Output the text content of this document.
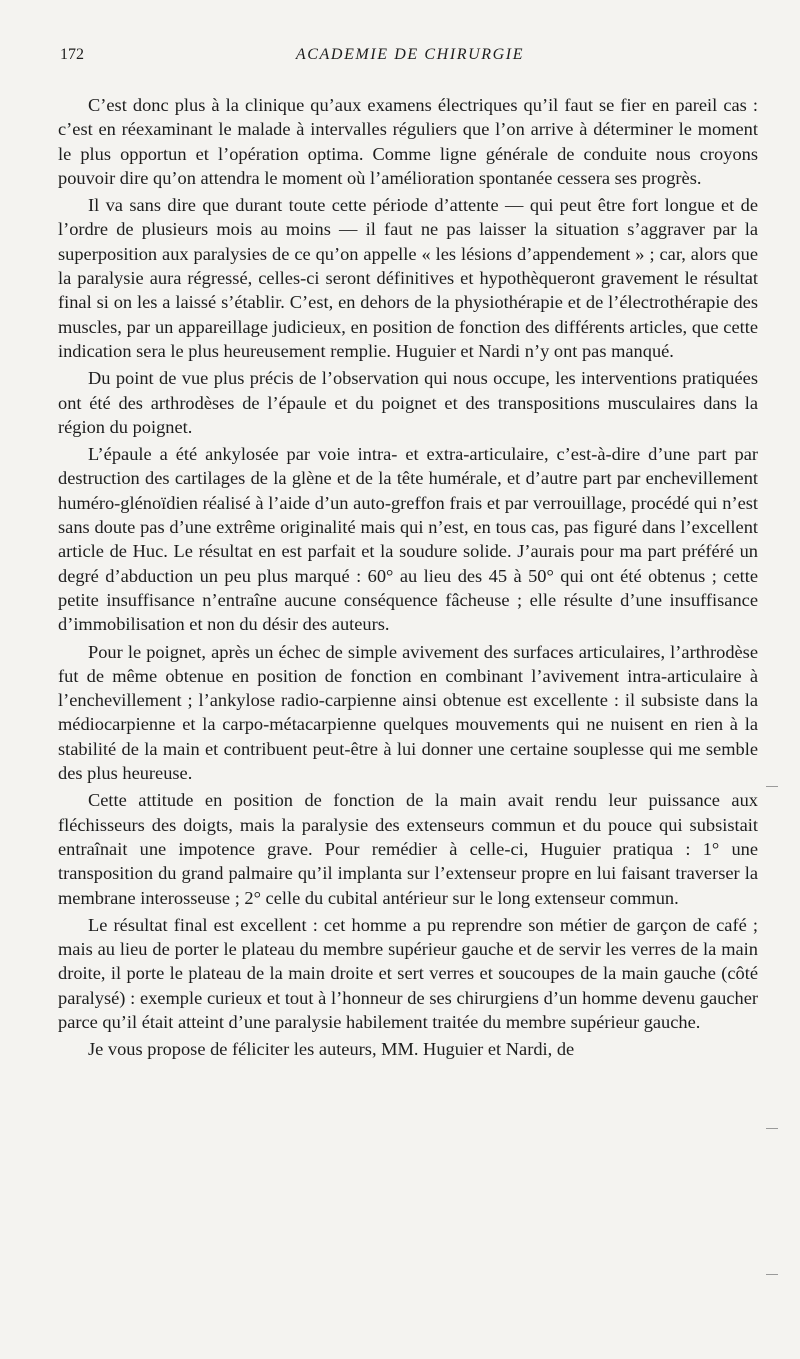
172	ACADEMIE DE CHIRURGIE

C’est donc plus à la clinique qu’aux examens électriques qu’il faut se fier en pareil cas : c’est en réexaminant le malade à intervalles réguliers que l’on arrive à déterminer le moment le plus opportun et l’opération optima. Comme ligne générale de conduite nous croyons pouvoir dire qu’on attendra le moment où l’amélioration spontanée cessera ses progrès.

Il va sans dire que durant toute cette période d’attente — qui peut être fort longue et de l’ordre de plusieurs mois au moins — il faut ne pas laisser la situation s’aggraver par la superposition aux paralysies de ce qu’on appelle « les lésions d’appendement » ; car, alors que la paralysie aura régressé, celles-ci seront définitives et hypothèqueront gravement le résultat final si on les a laissé s’établir. C’est, en dehors de la physiothérapie et de l’électrothérapie des muscles, par un appareillage judicieux, en position de fonction des différents articles, que cette indication sera le plus heureusement remplie. Huguier et Nardi n’y ont pas manqué.

Du point de vue plus précis de l’observation qui nous occupe, les interventions pratiquées ont été des arthrodèses de l’épaule et du poignet et des transpositions musculaires dans la région du poignet.

L’épaule a été ankylosée par voie intra- et extra-articulaire, c’est-à-dire d’une part par destruction des cartilages de la glène et de la tête humérale, et d’autre part par enchevillement huméro-glénoïdien réalisé à l’aide d’un auto-greffon frais et par verrouillage, procédé qui n’est sans doute pas d’une extrême originalité mais qui n’est, en tous cas, pas figuré dans l’excellent article de Huc. Le résultat en est parfait et la soudure solide. J’aurais pour ma part préféré un degré d’abduction un peu plus marqué : 60° au lieu des 45 à 50° qui ont été obtenus ; cette petite insuffisance n’entraîne aucune conséquence fâcheuse ; elle résulte d’une insuffisance d’immobilisation et non du désir des auteurs.

Pour le poignet, après un échec de simple avivement des surfaces articulaires, l’arthrodèse fut de même obtenue en position de fonction en combinant l’avivement intra-articulaire à l’enchevillement ; l’ankylose radio-carpienne ainsi obtenue est excellente : il subsiste dans la médiocarpienne et la carpo-métacarpienne quelques mouvements qui ne nuisent en rien à la stabilité de la main et contribuent peut-être à lui donner une certaine souplesse qui me semble des plus heureuse.

Cette attitude en position de fonction de la main avait rendu leur puissance aux fléchisseurs des doigts, mais la paralysie des extenseurs commun et du pouce qui subsistait entraînait une impotence grave. Pour remédier à celle-ci, Huguier pratiqua : 1° une transposition du grand palmaire qu’il implanta sur l’extenseur propre en lui faisant traverser la membrane interosseuse ; 2° celle du cubital antérieur sur le long extenseur commun.

Le résultat final est excellent : cet homme a pu reprendre son métier de garçon de café ; mais au lieu de porter le plateau du membre supérieur gauche et de servir les verres de la main droite, il porte le plateau de la main droite et sert verres et soucoupes de la main gauche (côté paralysé) : exemple curieux et tout à l’honneur de ses chirurgiens d’un homme devenu gaucher parce qu’il était atteint d’une paralysie habilement traitée du membre supérieur gauche.

Je vous propose de féliciter les auteurs, MM. Huguier et Nardi, de
